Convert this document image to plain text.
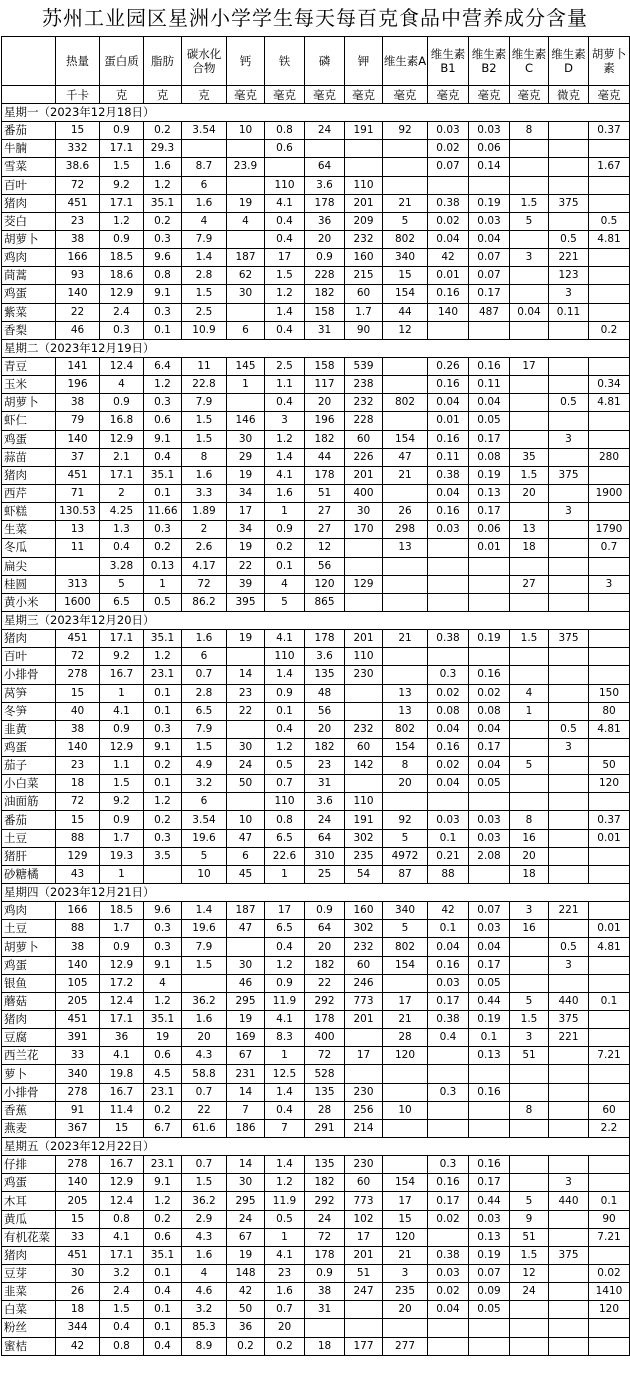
苏州工业园区星洲小学学生每天每百克食品中营养成分含量
	热量	蛋白质	脂肪	碳水化合物	钙	铁	磷	钾	维生素A	维生素B1	维生素B2	维生素C	维生素D	胡萝卜素
	千卡	克	克	克	毫克	毫克	毫克	毫克	毫克	毫克	毫克	毫克	微克	毫克
星期一（2023年12月18日）														
番茄	15	0.9	0.2	3.54	10	0.8	24	191	92	0.03	0.03	8		0.37
牛腩	332	17.1	29.3			0.6				0.02	0.06			
雪菜	38.6	1.5	1.6	8.7	23.9		64			0.07	0.14			1.67
百叶	72	9.2	1.2	6		110	3.6	110						
猪肉	451	17.1	35.1	1.6	19	4.1	178	201	21	0.38	0.19	1.5	375	
茭白	23	1.2	0.2	4	4	0.4	36	209	5	0.02	0.03	5		0.5
胡萝卜	38	0.9	0.3	7.9		0.4	20	232	802	0.04	0.04		0.5	4.81
鸡肉	166	18.5	9.6	1.4	187	17	0.9	160	340	42	0.07	3	221	
茼蒿	93	18.6	0.8	2.8	62	1.5	228	215	15	0.01	0.07		123	
鸡蛋	140	12.9	9.1	1.5	30	1.2	182	60	154	0.16	0.17		3	
紫菜	22	2.4	0.3	2.5		1.4	158	1.7	44	140	487	0.04	0.11	
香梨	46	0.3	0.1	10.9	6	0.4	31	90	12					0.2
星期二（2023年12月19日）														
青豆	141	12.4	6.4	11	145	2.5	158	539		0.26	0.16	17		
玉米	196	4	1.2	22.8	1	1.1	117	238		0.16	0.11			0.34
胡萝卜	38	0.9	0.3	7.9		0.4	20	232	802	0.04	0.04		0.5	4.81
虾仁	79	16.8	0.6	1.5	146	3	196	228		0.01	0.05			
鸡蛋	140	12.9	9.1	1.5	30	1.2	182	60	154	0.16	0.17		3	
蒜苗	37	2.1	0.4	8	29	1.4	44	226	47	0.11	0.08	35		280
猪肉	451	17.1	35.1	1.6	19	4.1	178	201	21	0.38	0.19	1.5	375	
西芹	71	2	0.1	3.3	34	1.6	51	400		0.04	0.13	20		1900
虾糕	130.53	4.25	11.66	1.89	17	1	27	30	26	0.16	0.17		3	
生菜	13	1.3	0.3	2	34	0.9	27	170	298	0.03	0.06	13		1790
冬瓜	11	0.4	0.2	2.6	19	0.2	12		13		0.01	18		0.7
扁尖		3.28	0.13	4.17	22	0.1	56							
桂圆	313	5	1	72	39	4	120	129				27		3
黄小米	1600	6.5	0.5	86.2	395	5	865							
星期三（2023年12月20日）														
猪肉	451	17.1	35.1	1.6	19	4.1	178	201	21	0.38	0.19	1.5	375	
百叶	72	9.2	1.2	6		110	3.6	110						
小排骨	278	16.7	23.1	0.7	14	1.4	135	230		0.3	0.16			
莴笋	15	1	0.1	2.8	23	0.9	48		13	0.02	0.02	4		150
冬笋	40	4.1	0.1	6.5	22	0.1	56		13	0.08	0.08	1		80
韭黄	38	0.9	0.3	7.9		0.4	20	232	802	0.04	0.04		0.5	4.81
鸡蛋	140	12.9	9.1	1.5	30	1.2	182	60	154	0.16	0.17		3	
茄子	23	1.1	0.2	4.9	24	0.5	23	142	8	0.02	0.04	5		50
小白菜	18	1.5	0.1	3.2	50	0.7	31		20	0.04	0.05			120
油面筋	72	9.2	1.2	6		110	3.6	110						
番茄	15	0.9	0.2	3.54	10	0.8	24	191	92	0.03	0.03	8		0.37
土豆	88	1.7	0.3	19.6	47	6.5	64	302	5	0.1	0.03	16		0.01
猪肝	129	19.3	3.5	5	6	22.6	310	235	4972	0.21	2.08	20		
砂糖橘	43	1		10	45	1	25	54	87	88		18		
星期四（2023年12月21日）														
鸡肉	166	18.5	9.6	1.4	187	17	0.9	160	340	42	0.07	3	221	
土豆	88	1.7	0.3	19.6	47	6.5	64	302	5	0.1	0.03	16		0.01
胡萝卜	38	0.9	0.3	7.9		0.4	20	232	802	0.04	0.04		0.5	4.81
鸡蛋	140	12.9	9.1	1.5	30	1.2	182	60	154	0.16	0.17		3	
银鱼	105	17.2	4		46	0.9	22	246		0.03	0.05			
蘑菇	205	12.4	1.2	36.2	295	11.9	292	773	17	0.17	0.44	5	440	0.1
猪肉	451	17.1	35.1	1.6	19	4.1	178	201	21	0.38	0.19	1.5	375	
豆腐	391	36	19	20	169	8.3	400		28	0.4	0.1	3	221	
西兰花	33	4.1	0.6	4.3	67	1	72	17	120		0.13	51		7.21
萝卜	340	19.8	4.5	58.8	231	12.5	528							
小排骨	278	16.7	23.1	0.7	14	1.4	135	230		0.3	0.16			
香蕉	91	11.4	0.2	22	7	0.4	28	256	10			8		60
燕麦	367	15	6.7	61.6	186	7	291	214						2.2
星期五（2023年12月22日）														
仔排	278	16.7	23.1	0.7	14	1.4	135	230		0.3	0.16			
鸡蛋	140	12.9	9.1	1.5	30	1.2	182	60	154	0.16	0.17		3	
木耳	205	12.4	1.2	36.2	295	11.9	292	773	17	0.17	0.44	5	440	0.1
黄瓜	15	0.8	0.2	2.9	24	0.5	24	102	15	0.02	0.03	9		90
有机花菜	33	4.1	0.6	4.3	67	1	72	17	120		0.13	51		7.21
猪肉	451	17.1	35.1	1.6	19	4.1	178	201	21	0.38	0.19	1.5	375	
豆芽	30	3.2	0.1	4	148	23	0.9	51	3	0.03	0.07	12		0.02
韭菜	26	2.4	0.4	4.6	42	1.6	38	247	235	0.02	0.09	24		1410
白菜	18	1.5	0.1	3.2	50	0.7	31		20	0.04	0.05			120
粉丝	344	0.4	0.1	85.3	36	20								
蜜桔	42	0.8	0.4	8.9	0.2	0.2	18	177	277					
